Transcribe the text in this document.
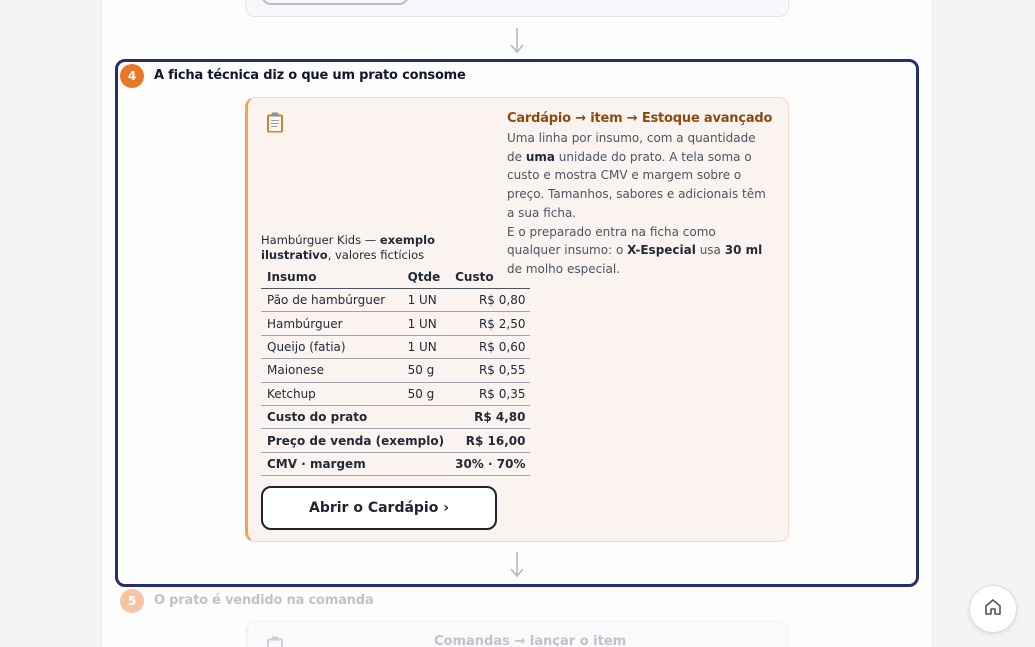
4	A ficha técnica diz o que um prato consome
Hambúrguer Kids — exemplo ilustrativo, valores fictícios
Insumo	Qtde	Custo
Pão de hambúrguer	1 UN	R$ 0,80
Hambúrguer	1 UN	R$ 2,50
Queijo (fatia)	1 UN	R$ 0,60
Maionese	50 g	R$ 0,55
Ketchup	50 g	R$ 0,35
Custo do prato		R$ 4,80
Preço de venda (exemplo)		R$ 16,00
CMV · margem		30% · 70%
Abrir o Cardápio ›
Cardápio → item → Estoque avançado

Uma linha por insumo, com a quantidade de uma unidade do prato. A tela soma o custo e mostra CMV e margem sobre o preço. Tamanhos, sabores e adicionais têm a sua ficha.

E o preparado entra na ficha como qualquer insumo: o X-Especial usa 30 ml de molho especial.

5	O prato é vendido na comanda
Comandas → lançar o item
